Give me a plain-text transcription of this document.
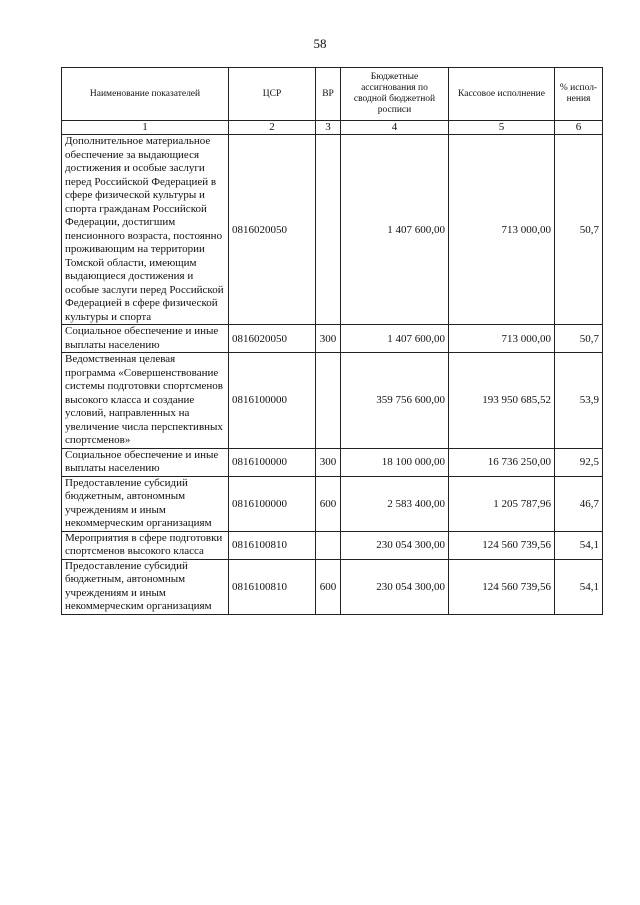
58
Наименование показателей	ЦСР	ВР	Бюджетные ассигнования по сводной бюджетной росписи	Кассовое исполнение	% испол-нения
1	2	3	4	5	6
Дополнительное материальное обеспечение за выдающиеся достижения и особые заслуги перед Российской Федерацией в сфере физической культуры и спорта гражданам Российской Федерации, достигшим пенсионного возраста, постоянно проживающим на территории Томской области, имеющим выдающиеся достижения и особые заслуги перед Российской Федерацией в сфере физической культуры и спорта	0816020050		1 407 600,00	713 000,00	50,7
Социальное обеспечение и иные выплаты населению	0816020050	300	1 407 600,00	713 000,00	50,7
Ведомственная целевая программа «Совершенствование системы подготовки спортсменов высокого класса и создание условий, направленных на увеличение числа перспективных спортсменов»	0816100000		359 756 600,00	193 950 685,52	53,9
Социальное обеспечение и иные выплаты населению	0816100000	300	18 100 000,00	16 736 250,00	92,5
Предоставление субсидий бюджетным, автономным учреждениям и иным некоммерческим организациям	0816100000	600	2 583 400,00	1 205 787,96	46,7
Мероприятия в сфере подготовки спортсменов высокого класса	0816100810		230 054 300,00	124 560 739,56	54,1
Предоставление субсидий бюджетным, автономным учреждениям и иным некоммерческим организациям	0816100810	600	230 054 300,00	124 560 739,56	54,1
